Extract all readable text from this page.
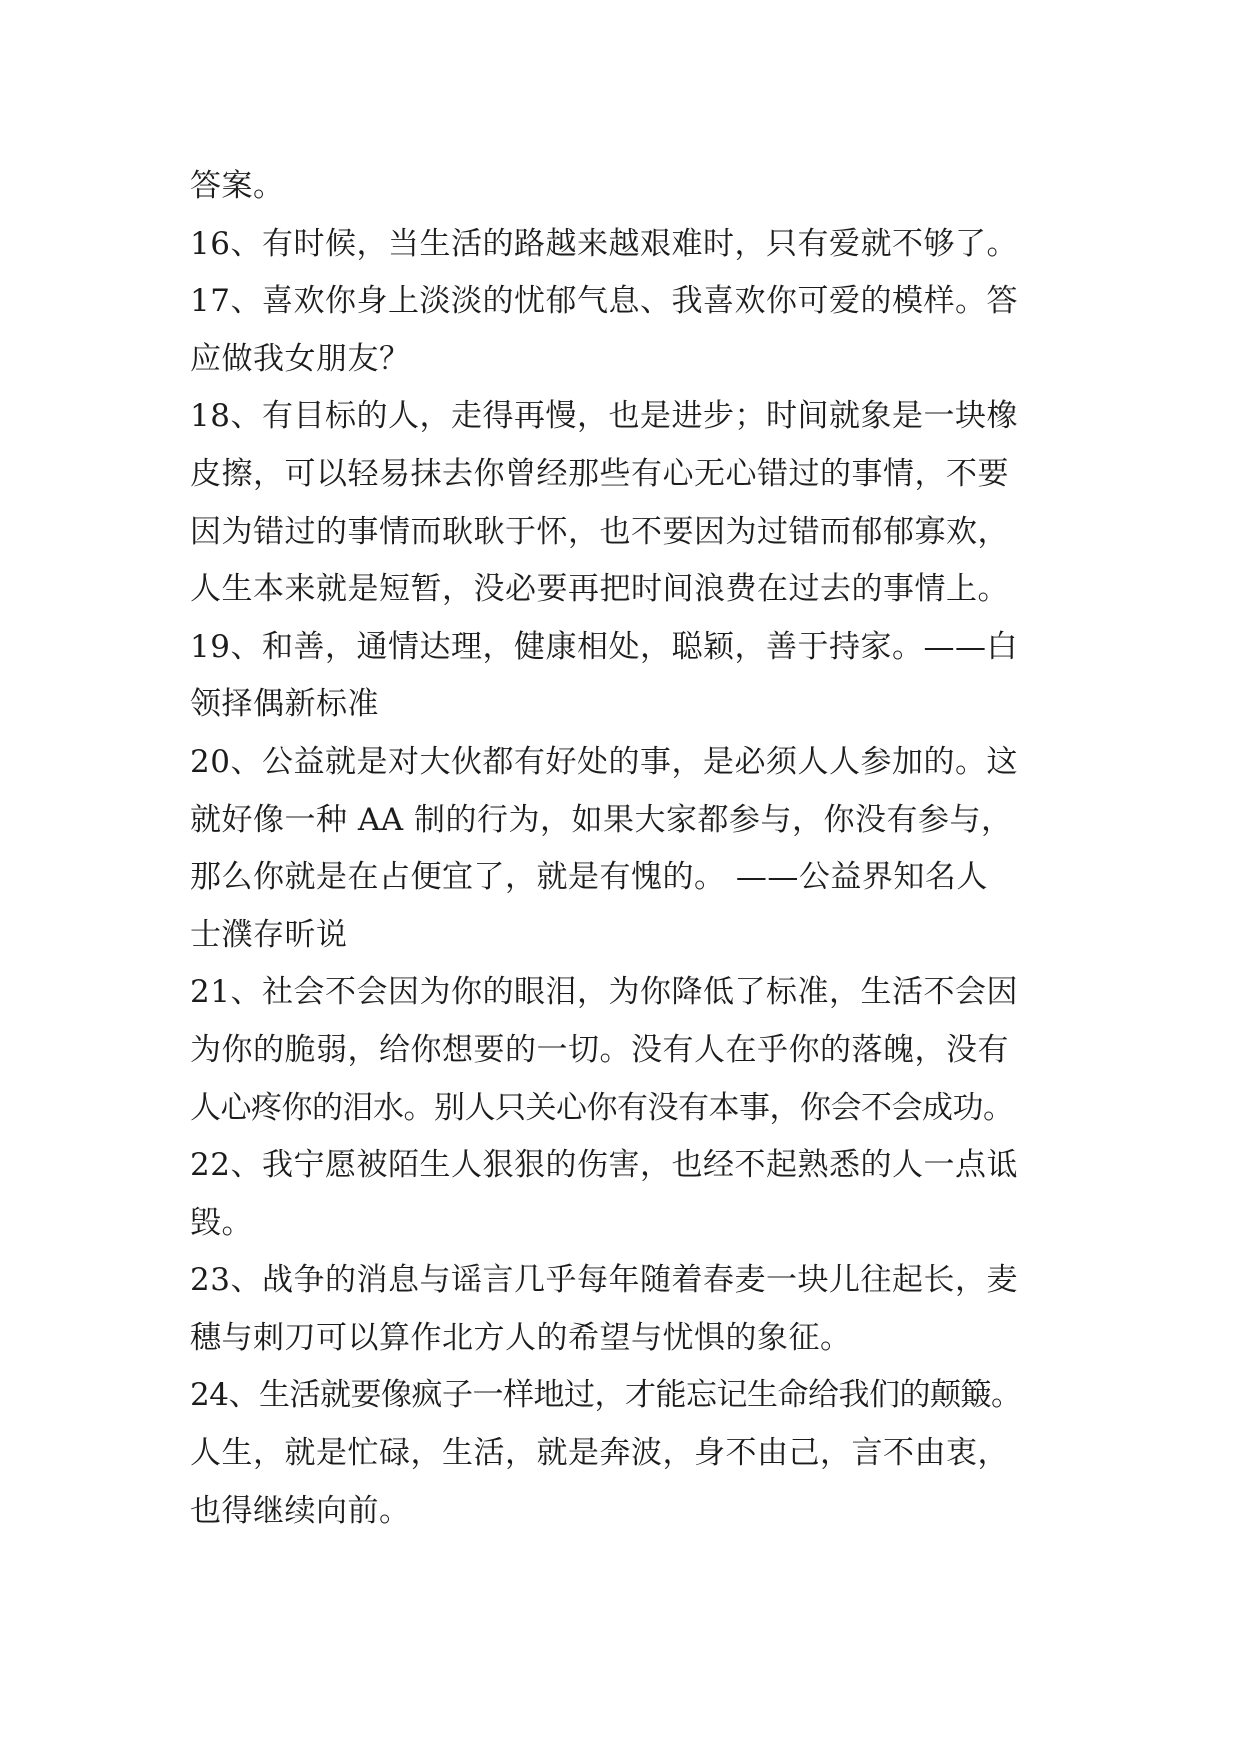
答案。
16、有时候，当生活的路越来越艰难时，只有爱就不够了。
17、喜欢你身上淡淡的忧郁气息、我喜欢你可爱的模样。答
应做我女朋友？
18、有目标的人，走得再慢，也是进步；时间就象是一块橡
皮擦，可以轻易抹去你曾经那些有心无心错过的事情，不要
因为错过的事情而耿耿于怀，也不要因为过错而郁郁寡欢，
人生本来就是短暂，没必要再把时间浪费在过去的事情上。
19、和善，通情达理，健康相处，聪颖，善于持家。——白
领择偶新标准
20、公益就是对大伙都有好处的事，是必须人人参加的。这
就好像一种 AA 制的行为，如果大家都参与，你没有参与，
那么你就是在占便宜了，就是有愧的。 ——公益界知名人
士濮存昕说
21、社会不会因为你的眼泪，为你降低了标准，生活不会因
为你的脆弱，给你想要的一切。没有人在乎你的落魄，没有
人心疼你的泪水。别人只关心你有没有本事，你会不会成功。
22、我宁愿被陌生人狠狠的伤害，也经不起熟悉的人一点诋
毁。
23、战争的消息与谣言几乎每年随着春麦一块儿往起长，麦
穗与刺刀可以算作北方人的希望与忧惧的象征。
24、生活就要像疯子一样地过，才能忘记生命给我们的颠簸。
人生，就是忙碌，生活，就是奔波，身不由己，言不由衷，
也得继续向前。
